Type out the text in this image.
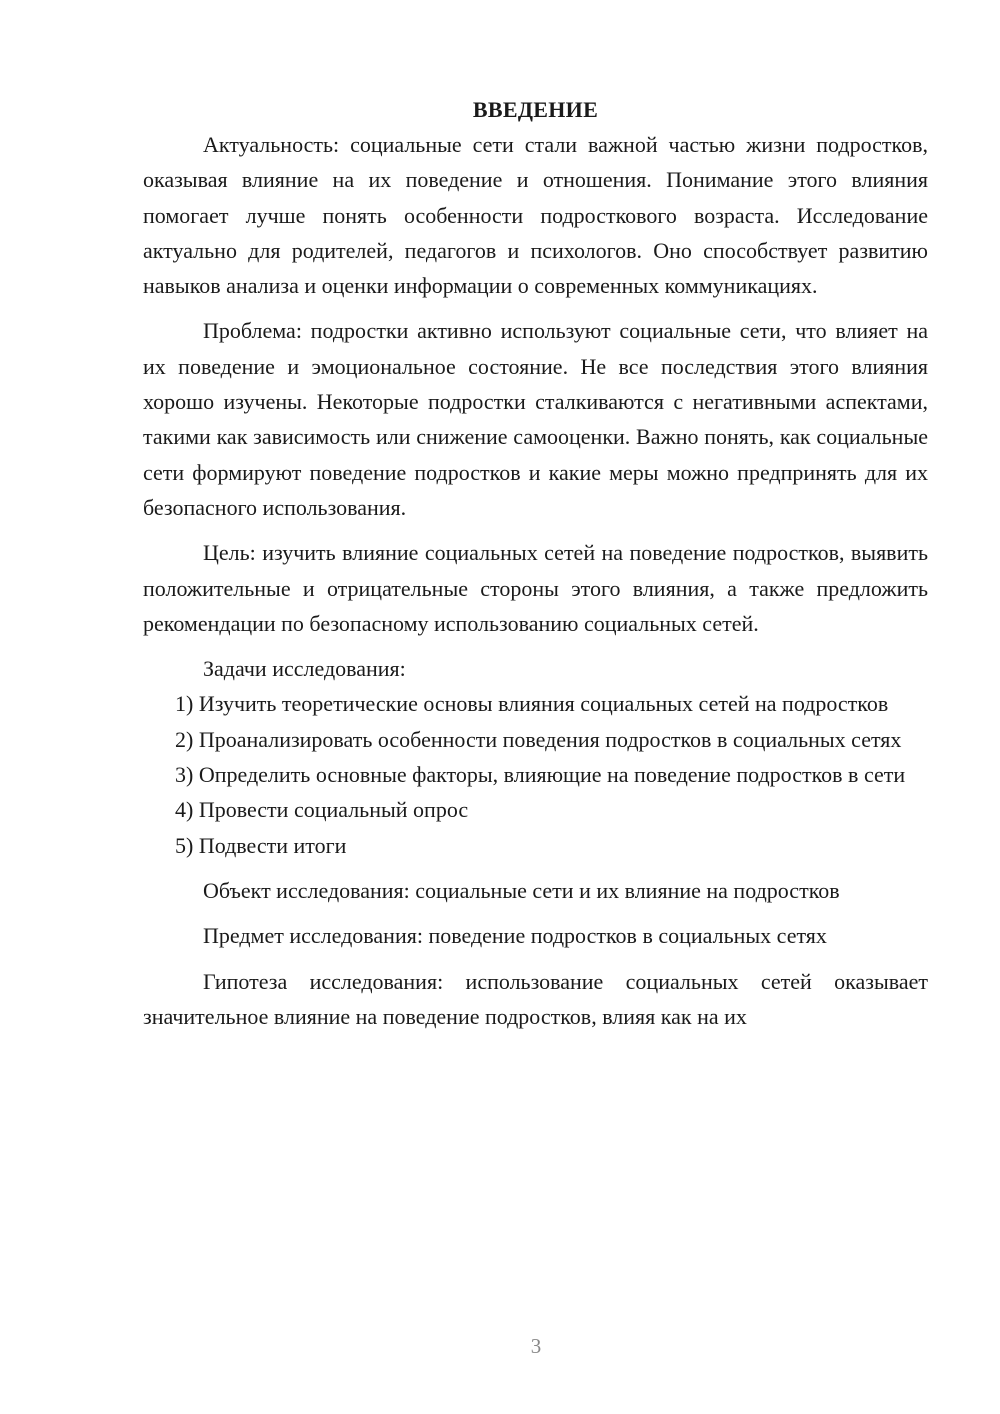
ВВЕДЕНИЕ

Актуальность: социальные сети стали важной частью жизни подростков, оказывая влияние на их поведение и отношения. Понимание этого влияния помогает лучше понять особенности подросткового возраста. Исследование актуально для родителей, педагогов и психологов. Оно способствует развитию навыков анализа и оценки информации о современных коммуникациях.

Проблема: подростки активно используют социальные сети, что влияет на их поведение и эмоциональное состояние. Не все последствия этого влияния хорошо изучены. Некоторые подростки сталкиваются с негативными аспектами, такими как зависимость или снижение самооценки. Важно понять, как социальные сети формируют поведение подростков и какие меры можно предпринять для их безопасного использования.

Цель: изучить влияние социальных сетей на поведение подростков, выявить положительные и отрицательные стороны этого влияния, а также предложить рекомендации по безопасному использованию социальных сетей.

Задачи исследования:

1) Изучить теоретические основы влияния социальных сетей на подростков

2) Проанализировать особенности поведения подростков в социальных сетях

3) Определить основные факторы, влияющие на поведение подростков в сети

4) Провести социальный опрос

5) Подвести итоги

Объект исследования: социальные сети и их влияние на подростков

Предмет исследования: поведение подростков в социальных сетях

Гипотеза исследования: использование социальных сетей оказывает значительное влияние на поведение подростков, влияя как на их

3
